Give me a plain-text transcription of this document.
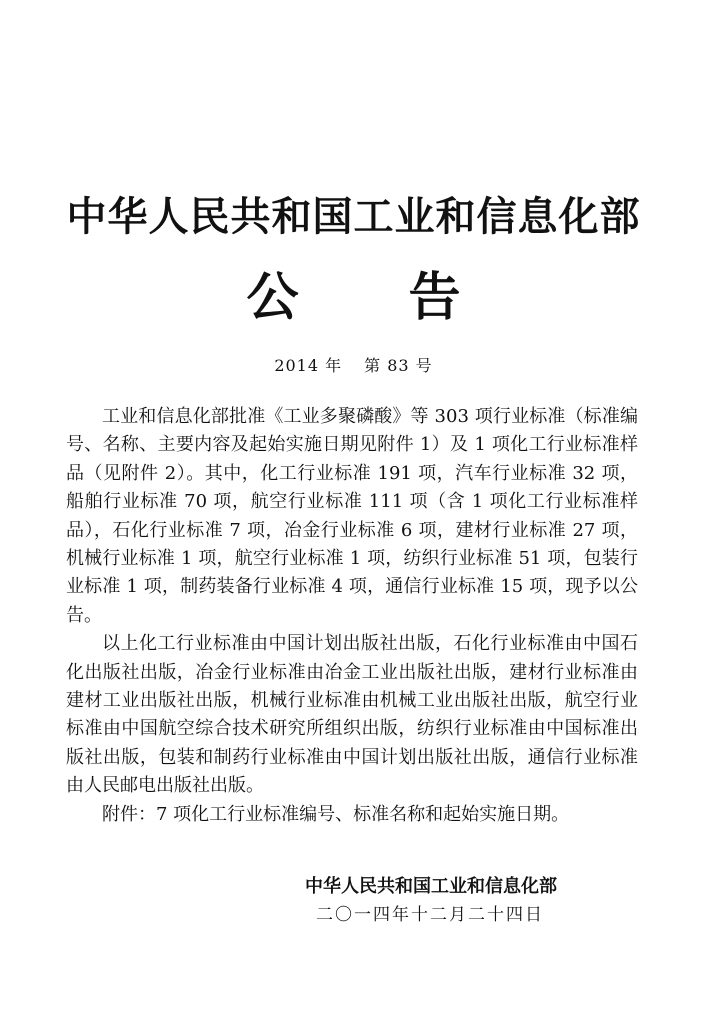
中华人民共和国工业和信息化部
公 告
2014 年 第 83 号

工业和信息化部批准《工业多聚磷酸》等 303 项行业标准（标准编号、名称、主要内容及起始实施日期见附件 1）及 1 项化工行业标准样品（见附件 2）。其中，化工行业标准 191 项，汽车行业标准 32 项，船舶行业标准 70 项，航空行业标准 111 项（含 1 项化工行业标准样品），石化行业标准 7 项，冶金行业标准 6 项，建材行业标准 27 项，机械行业标准 1 项，航空行业标准 1 项，纺织行业标准 51 项，包装行业标准 1 项，制药装备行业标准 4 项，通信行业标准 15 项，现予以公告。

以上化工行业标准由中国计划出版社出版，石化行业标准由中国石化出版社出版，冶金行业标准由冶金工业出版社出版，建材行业标准由建材工业出版社出版，机械行业标准由机械工业出版社出版，航空行业标准由中国航空综合技术研究所组织出版，纺织行业标准由中国标准出版社出版，包装和制药行业标准由中国计划出版社出版，通信行业标准由人民邮电出版社出版。

附件：7 项化工行业标准编号、标准名称和起始实施日期。

中华人民共和国工业和信息化部
二〇一四年十二月二十四日
